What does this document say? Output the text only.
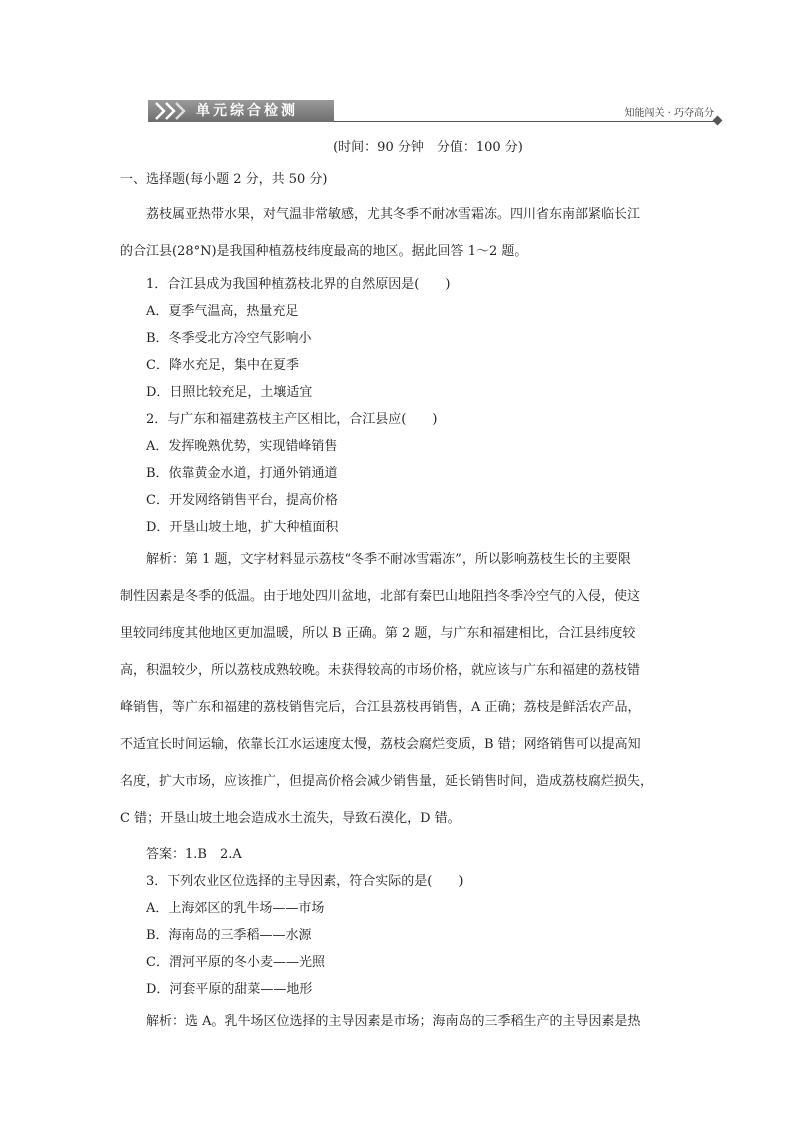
单元综合检测	知能闯关 · 巧夺高分
(时间：90 分钟　分值：100 分)

一、选择题(每小题 2 分，共 50 分)

荔枝属亚热带水果，对气温非常敏感，尤其冬季不耐冰雪霜冻。四川省东南部紧临长江

的合江县(28°N)是我国种植荔枝纬度最高的地区。据此回答 1～2 题。

1．合江县成为我国种植荔枝北界的自然原因是(　　)

A．夏季气温高，热量充足

B．冬季受北方冷空气影响小

C．降水充足，集中在夏季

D．日照比较充足，土壤适宜

2．与广东和福建荔枝主产区相比，合江县应(　　)

A．发挥晚熟优势，实现错峰销售

B．依靠黄金水道，打通外销通道

C．开发网络销售平台，提高价格

D．开垦山坡土地，扩大种植面积

解析：第 1 题，文字材料显示荔枝“冬季不耐冰雪霜冻”，所以影响荔枝生长的主要限

制性因素是冬季的低温。由于地处四川盆地，北部有秦巴山地阻挡冬季冷空气的入侵，使这

里较同纬度其他地区更加温暖，所以 B 正确。第 2 题，与广东和福建相比，合江县纬度较

高，积温较少，所以荔枝成熟较晚。未获得较高的市场价格，就应该与广东和福建的荔枝错

峰销售，等广东和福建的荔枝销售完后，合江县荔枝再销售，A 正确；荔枝是鲜活农产品，

不适宜长时间运输，依靠长江水运速度太慢，荔枝会腐烂变质，B 错；网络销售可以提高知

名度，扩大市场，应该推广，但提高价格会减少销售量，延长销售时间，造成荔枝腐烂损失，

C 错；开垦山坡土地会造成水土流失，导致石漠化，D 错。

答案：1.B　2.A

3．下列农业区位选择的主导因素，符合实际的是(　　)

A．上海郊区的乳牛场——市场

B．海南岛的三季稻——水源

C．渭河平原的冬小麦——光照

D．河套平原的甜菜——地形

解析：选 A。乳牛场区位选择的主导因素是市场；海南岛的三季稻生产的主导因素是热
